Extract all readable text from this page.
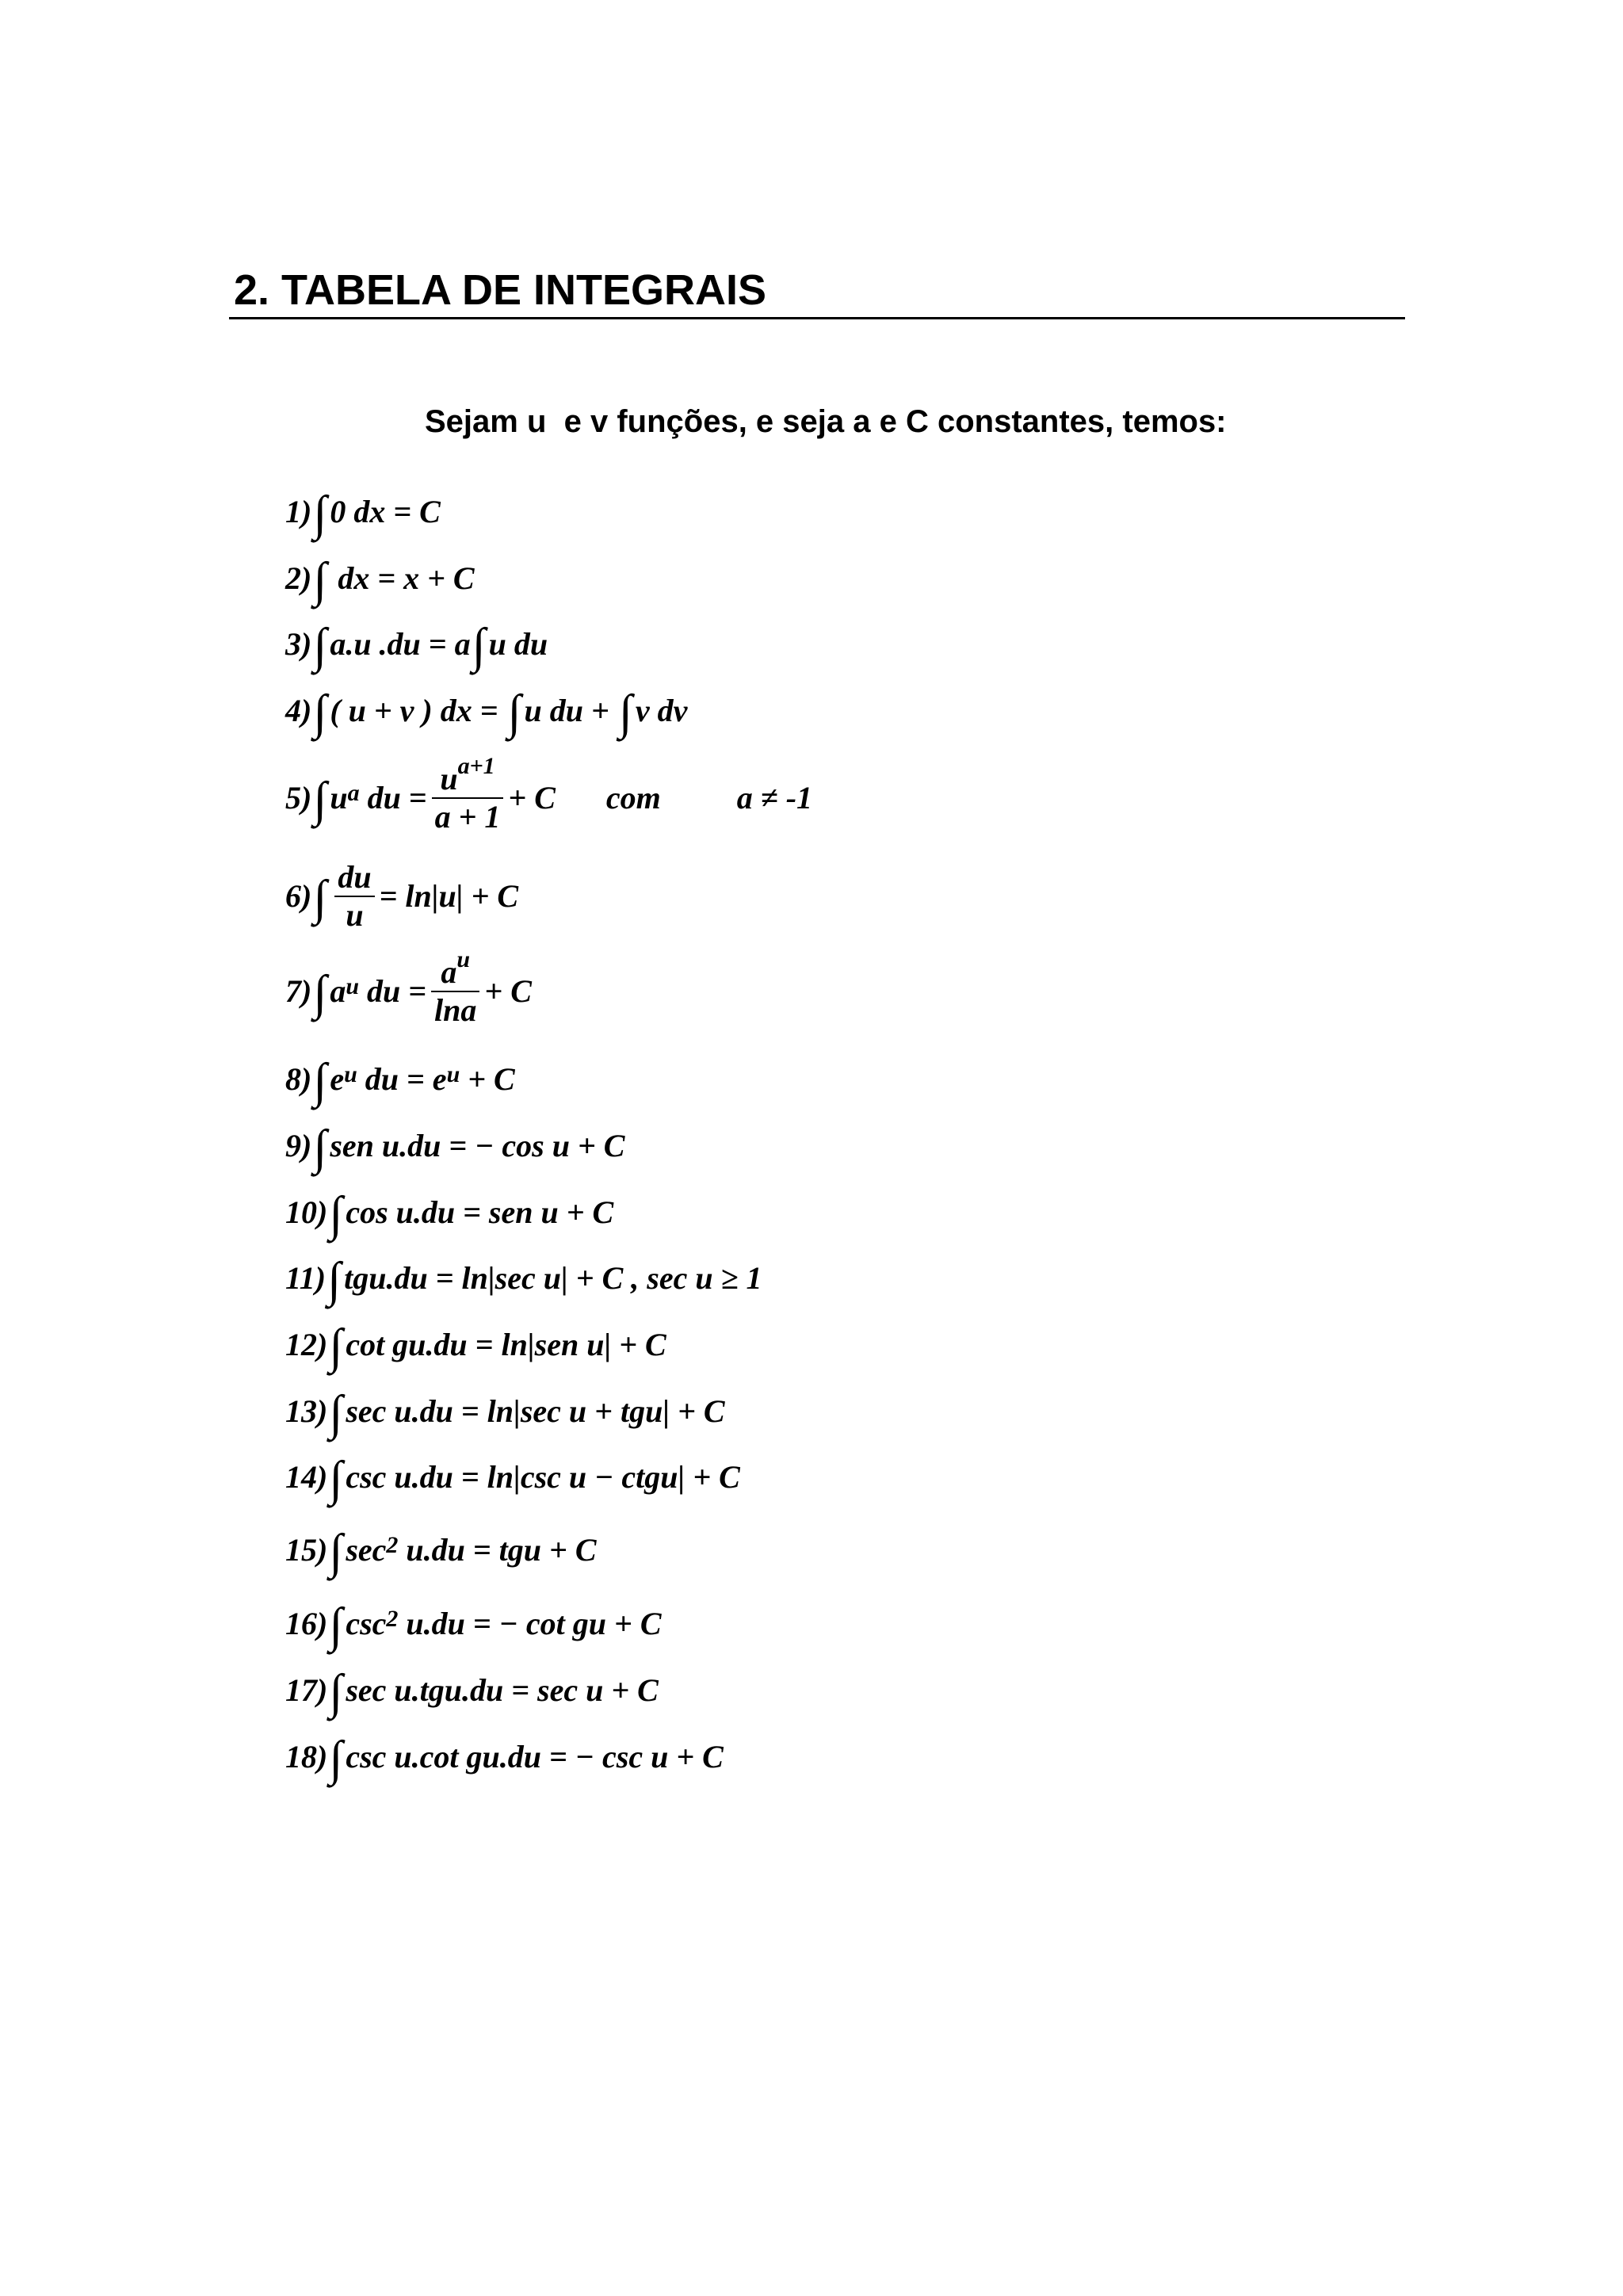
2. TABELA DE INTEGRAIS
Sejam u  e v funções, e seja a e C constantes, temos:
1) ∫ 0 dx = C
2) ∫ dx = x + C
3) ∫ a.u .du = a ∫ u du
4) ∫ ( u + v ) dx = ∫ u du + ∫ v dv
5) ∫ $u^a$ du = $\frac{u^{a+1}}{a + 1} + C$ com a ≠ -1
6) ∫ $\frac{du}{u} = \ln|u| + C$
7) ∫ $a^u$ du = $\frac{a^u}{\ln a} + C$
8) ∫ $e^u$ du = $e^u + C$
9) ∫ sen u.du = − cos u + C
10) ∫ cos u.du = sen u + C
11) ∫ tgu.du = ln|sec u| + C , sec u ≥ 1
12) ∫ cot gu.du = ln|sen u| + C
13) ∫ sec u.du = ln|sec u + tgu| + C
14) ∫ csc u.du = ln|csc u − ctgu| + C
15) ∫ $\sec^2 u.du$ = tgu + C
16) ∫ $\csc^2 u.du$ = − cot gu + C
17) ∫ sec u.tgu.du = sec u + C
18) ∫ csc u.cot gu.du = − csc u + C
